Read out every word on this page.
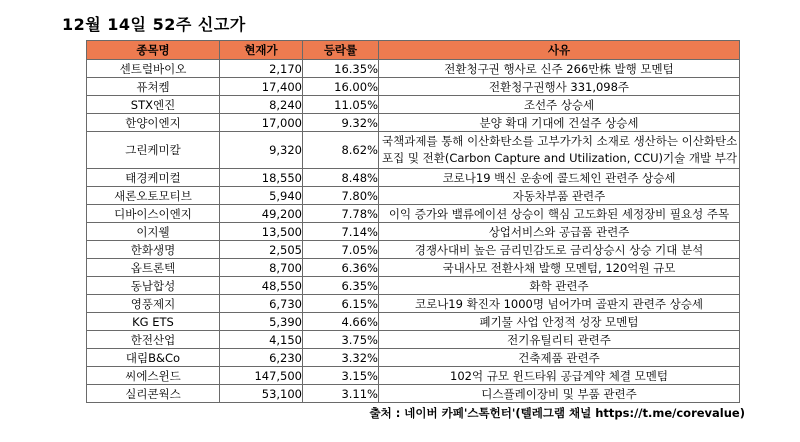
12월 14일 52주 신고가
종목명	현재가	등락률	사유
센트럴바이오	2,170	16.35%	전환청구권 행사로 신주 266만株 발행 모멘텀
퓨쳐켐	17,400	16.00%	전환청구권행사 331,098주
STX엔진	8,240	11.05%	조선주 상승세
한양이엔지	17,000	9.32%	분양 확대 기대에 건설주 상승세
그린케미칼	9,320	8.62%	국책과제를 통해 이산화탄소를 고부가가치 소재로 생산하는 이산화탄소 포집 및 전환(Carbon Capture and Utilization, CCU)기술 개발 부각
태경케미컬	18,550	8.48%	코로나19 백신 운송에 콜드체인 관련주 상승세
새론오토모티브	5,940	7.80%	자동차부품 관련주
디바이스이엔지	49,200	7.78%	이익 증가와 밸류에이션 상승이 핵심 고도화된 세정장비 필요성 주목
이지웰	13,500	7.14%	상업서비스와 공급품 관련주
한화생명	2,505	7.05%	경쟁사대비 높은 금리민감도로 금리상승시 상승 기대 분석
옵트론텍	8,700	6.36%	국내사모 전환사채 발행 모멘텀, 120억원 규모
동남합성	48,550	6.35%	화학 관련주
영풍제지	6,730	6.15%	코로나19 확진자 1000명 넘어가며 골판지 관련주 상승세
KG ETS	5,390	4.66%	폐기물 사업 안정적 성장 모멘텀
한전산업	4,150	3.75%	전기유틸리티 관련주
대림B&Co	6,230	3.32%	건축제품 관련주
씨에스윈드	147,500	3.15%	102억 규모 윈드타워 공급계약 체결 모멘텀
실리콘웍스	53,100	3.11%	디스플레이장비 및 부품 관련주
출처 : 네이버 카페'스톡헌터'(텔레그램 채널 https://t.me/corevalue)
